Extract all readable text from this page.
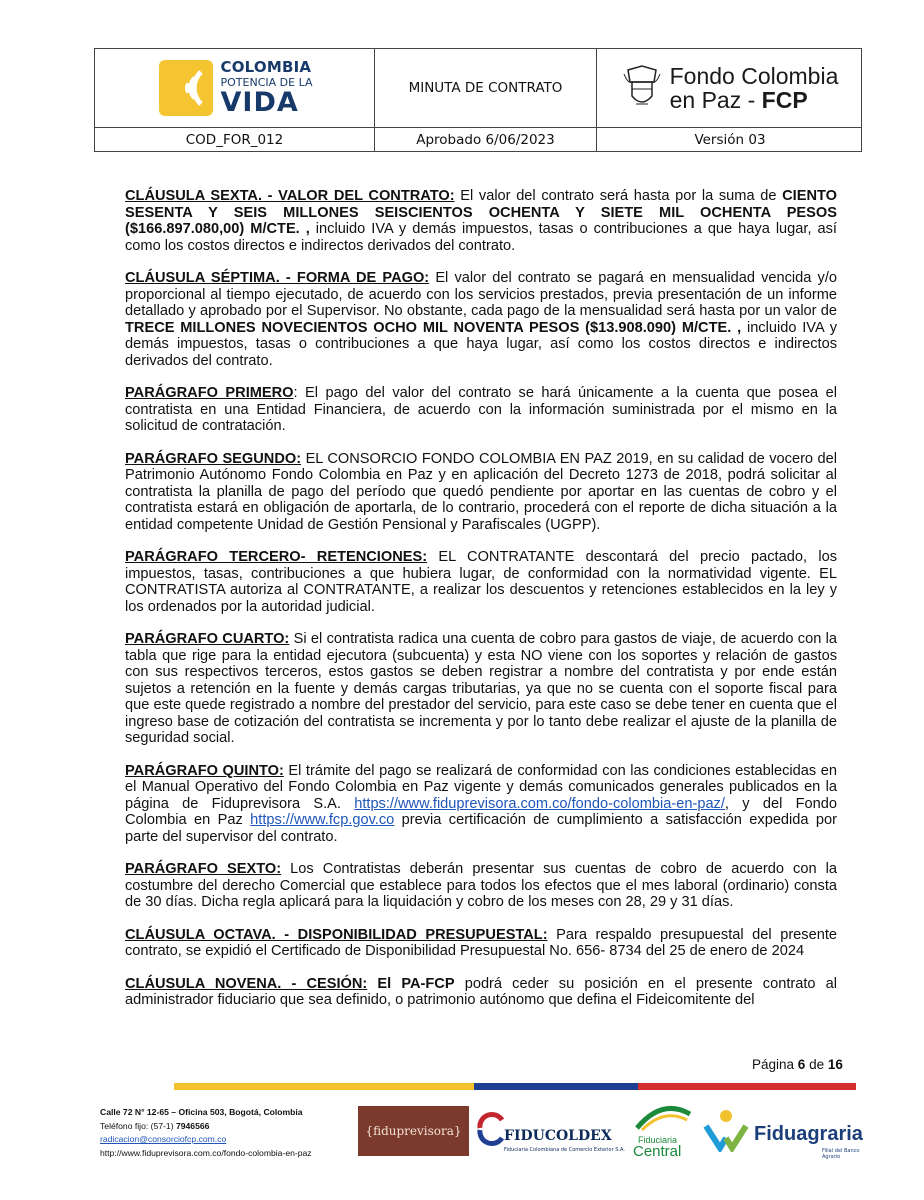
COLOMBIA
POTENCIA DE LA
VIDA	MINUTA DE CONTRATO	Fondo Colombia
en Paz - FCP
COD_FOR_012	Aprobado 6/06/2023	Versión 03

CLÁUSULA SEXTA. - VALOR DEL CONTRATO: El valor del contrato será hasta por la suma de CIENTO SESENTA Y SEIS MILLONES SEISCIENTOS OCHENTA Y SIETE MIL OCHENTA PESOS ($166.897.080,00) M/CTE. , incluido IVA y demás impuestos, tasas o contribuciones a que haya lugar, así como los costos directos e indirectos derivados del contrato.

CLÁUSULA SÉPTIMA. - FORMA DE PAGO: El valor del contrato se pagará en mensualidad vencida y/o proporcional al tiempo ejecutado, de acuerdo con los servicios prestados, previa presentación de un informe detallado y aprobado por el Supervisor. No obstante, cada pago de la mensualidad será hasta por un valor de TRECE MILLONES NOVECIENTOS OCHO MIL NOVENTA PESOS ($13.908.090) M/CTE. , incluido IVA y demás impuestos, tasas o contribuciones a que haya lugar, así como los costos directos e indirectos derivados del contrato.

PARÁGRAFO PRIMERO: El pago del valor del contrato se hará únicamente a la cuenta que posea el contratista en una Entidad Financiera, de acuerdo con la información suministrada por el mismo en la solicitud de contratación.

PARÁGRAFO SEGUNDO: EL CONSORCIO FONDO COLOMBIA EN PAZ 2019, en su calidad de vocero del Patrimonio Autónomo Fondo Colombia en Paz y en aplicación del Decreto 1273 de 2018, podrá solicitar al contratista la planilla de pago del período que quedó pendiente por aportar en las cuentas de cobro y el contratista estará en obligación de aportarla, de lo contrario, procederá con el reporte de dicha situación a la entidad competente Unidad de Gestión Pensional y Parafiscales (UGPP).

PARÁGRAFO TERCERO- RETENCIONES: EL CONTRATANTE descontará del precio pactado, los impuestos, tasas, contribuciones a que hubiera lugar, de conformidad con la normatividad vigente. EL CONTRATISTA autoriza al CONTRATANTE, a realizar los descuentos y retenciones establecidos en la ley y los ordenados por la autoridad judicial.

PARÁGRAFO CUARTO: Si el contratista radica una cuenta de cobro para gastos de viaje, de acuerdo con la tabla que rige para la entidad ejecutora (subcuenta) y esta NO viene con los soportes y relación de gastos con sus respectivos terceros, estos gastos se deben registrar a nombre del contratista y por ende están sujetos a retención en la fuente y demás cargas tributarias, ya que no se cuenta con el soporte fiscal para que este quede registrado a nombre del prestador del servicio, para este caso se debe tener en cuenta que el ingreso base de cotización del contratista se incrementa y por lo tanto debe realizar el ajuste de la planilla de seguridad social.

PARÁGRAFO QUINTO: El trámite del pago se realizará de conformidad con las condiciones establecidas en el Manual Operativo del Fondo Colombia en Paz vigente y demás comunicados generales publicados en la página de Fiduprevisora S.A. https://www.fiduprevisora.com.co/fondo-colombia-en-paz/, y del Fondo Colombia en Paz https://www.fcp.gov.co previa certificación de cumplimiento a satisfacción expedida por parte del supervisor del contrato.

PARÁGRAFO SEXTO: Los Contratistas deberán presentar sus cuentas de cobro de acuerdo con la costumbre del derecho Comercial que establece para todos los efectos que el mes laboral (ordinario) consta de 30 días. Dicha regla aplicará para la liquidación y cobro de los meses con 28, 29 y 31 días.

CLÁUSULA OCTAVA. - DISPONIBILIDAD PRESUPUESTAL: Para respaldo presupuestal del presente contrato, se expidió el Certificado de Disponibilidad Presupuestal No. 656- 8734 del 25 de enero de 2024

CLÁUSULA NOVENA. - CESIÓN: El PA-FCP podrá ceder su posición en el presente contrato al administrador fiduciario que sea definido, o patrimonio autónomo que defina el Fideicomitente del

Página 6 de 16
Calle 72 N° 12-65 – Oficina 503, Bogotá, Colombia
Teléfono fijo: (57-1) 7946566
radicacion@consorciofcp.com.co
http://www.fiduprevisora.com.co/fondo-colombia-en-paz
{fiduprevisora}	FIDUCOLDEX
Fiduciaria Colombiana de Comercio Exterior S.A.
Fiduciaria
Central
Fiduagraria
Filial del Banco Agrario
